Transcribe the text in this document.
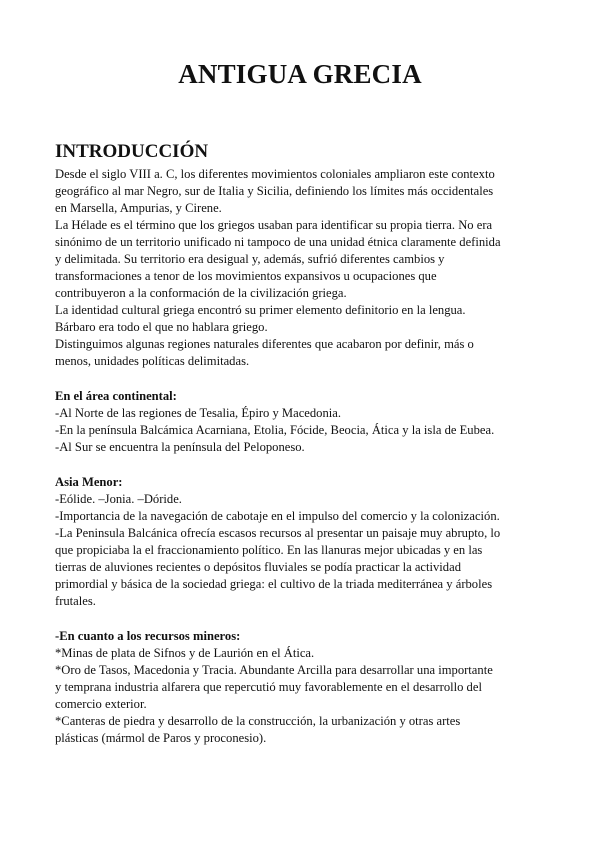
ANTIGUA GRECIA
INTRODUCCIÓN
Desde el siglo VIII a. C, los diferentes movimientos coloniales ampliaron este contexto
geográfico al mar Negro, sur de Italia y Sicilia, definiendo los límites más occidentales
en Marsella, Ampurias, y Cirene.
La Hélade es el término que los griegos usaban para identificar su propia tierra. No era
sinónimo de un territorio unificado ni tampoco de una unidad étnica claramente definida
y delimitada. Su territorio era desigual y, además, sufrió diferentes cambios y
transformaciones a tenor de los movimientos expansivos u ocupaciones que
contribuyeron a la conformación de la civilización griega.
La identidad cultural griega encontró su primer elemento definitorio en la lengua.
Bárbaro era todo el que no hablara griego.
Distinguimos algunas regiones naturales diferentes que acabaron por definir, más o
menos, unidades políticas delimitadas.
En el área continental:
-Al Norte de las regiones de Tesalia, Épiro y Macedonia.
-En la península Balcámica Acarniana, Etolia, Fócide, Beocia, Ática y la isla de Eubea.
-Al Sur se encuentra la península del Peloponeso.
Asia Menor:
-Eólide. –Jonia. –Dóride.
-Importancia de la navegación de cabotaje en el impulso del comercio y la colonización.
-La Peninsula Balcánica ofrecía escasos recursos al presentar un paisaje muy abrupto, lo
que propiciaba la el fraccionamiento político. En las llanuras mejor ubicadas y en las
tierras de aluviones recientes o depósitos fluviales se podía practicar la actividad
primordial y básica de la sociedad griega: el cultivo de la triada mediterránea y árboles
frutales.
-En cuanto a los recursos mineros:
*Minas de plata de Sifnos y de Laurión en el Ática.
*Oro de Tasos, Macedonia y Tracia. Abundante Arcilla para desarrollar una importante
y temprana industria alfarera que repercutió muy favorablemente en el desarrollo del
comercio exterior.
*Canteras de piedra y desarrollo de la construcción, la urbanización y otras artes
plásticas (mármol de Paros y proconesio).
